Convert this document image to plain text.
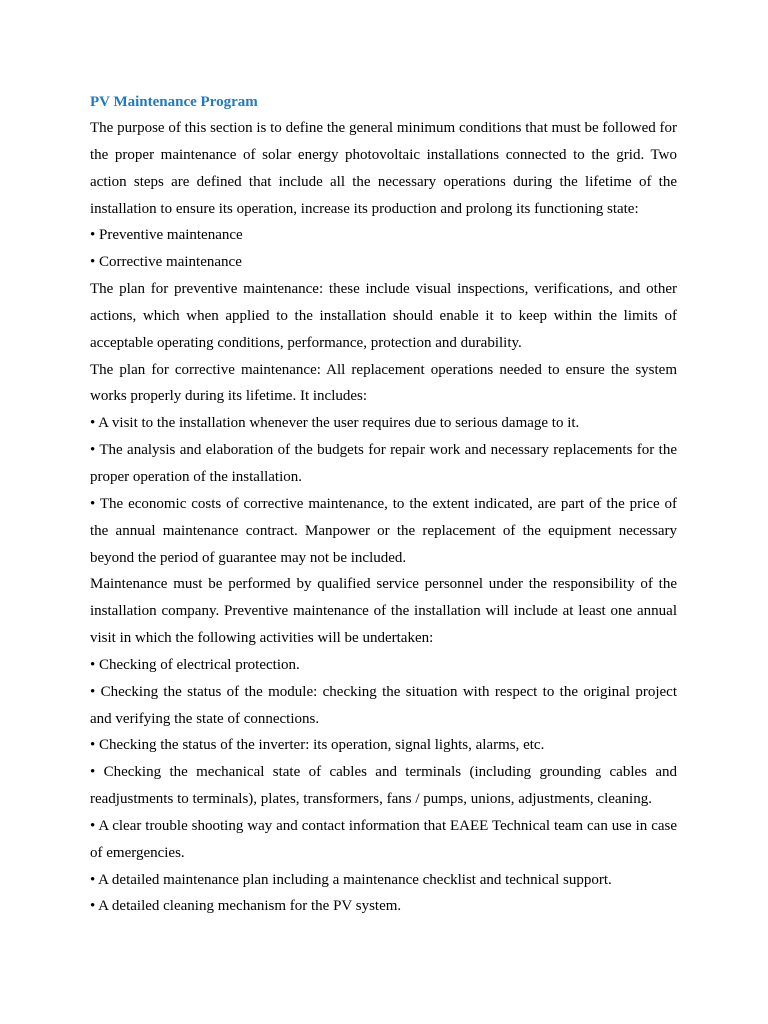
PV Maintenance Program

The purpose of this section is to define the general minimum conditions that must be followed for the proper maintenance of solar energy photovoltaic installations connected to the grid. Two action steps are defined that include all the necessary operations during the lifetime of the installation to ensure its operation, increase its production and prolong its functioning state:

• Preventive maintenance

• Corrective maintenance

The plan for preventive maintenance: these include visual inspections, verifications, and other actions, which when applied to the installation should enable it to keep within the limits of acceptable operating conditions, performance, protection and durability.

The plan for corrective maintenance: All replacement operations needed to ensure the system works properly during its lifetime. It includes:

• A visit to the installation whenever the user requires due to serious damage to it.

• The analysis and elaboration of the budgets for repair work and necessary replacements for the proper operation of the installation.

• The economic costs of corrective maintenance, to the extent indicated, are part of the price of the annual maintenance contract. Manpower or the replacement of the equipment necessary beyond the period of guarantee may not be included.

Maintenance must be performed by qualified service personnel under the responsibility of the installation company. Preventive maintenance of the installation will include at least one annual visit in which the following activities will be undertaken:

• Checking of electrical protection.

• Checking the status of the module: checking the situation with respect to the original project and verifying the state of connections.

• Checking the status of the inverter: its operation, signal lights, alarms, etc.

• Checking the mechanical state of cables and terminals (including grounding cables and readjustments to terminals), plates, transformers, fans / pumps, unions, adjustments, cleaning.

• A clear trouble shooting way and contact information that EAEE Technical team can use in case of emergencies.

• A detailed maintenance plan including a maintenance checklist and technical support.

• A detailed cleaning mechanism for the PV system.
